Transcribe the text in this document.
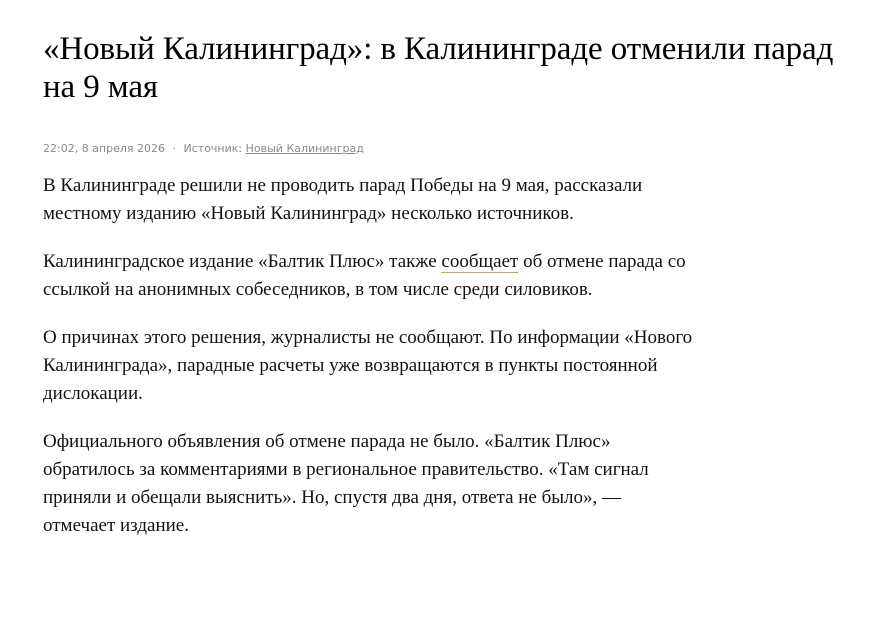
«Новый Калининград»: в Калининграде отменили парад на 9 мая
22:02, 8 апреля 2026 · Источник: Новый Калининград

В Калининграде решили не проводить парад Победы на 9 мая, рассказали местному изданию «Новый Калининград» несколько источников.

Калининградское издание «Балтик Плюс» также сообщает об отмене парада со ссылкой на анонимных собеседников, в том числе среди силовиков.

О причинах этого решения, журналисты не сообщают. По информации «Нового Калининграда», парадные расчеты уже возвращаются в пункты постоянной дислокации.

Официального объявления об отмене парада не было. «Балтик Плюс» обратилось за комментариями в региональное правительство. «Там сигнал приняли и обещали выяснить». Но, спустя два дня, ответа не было», — отмечает издание.
